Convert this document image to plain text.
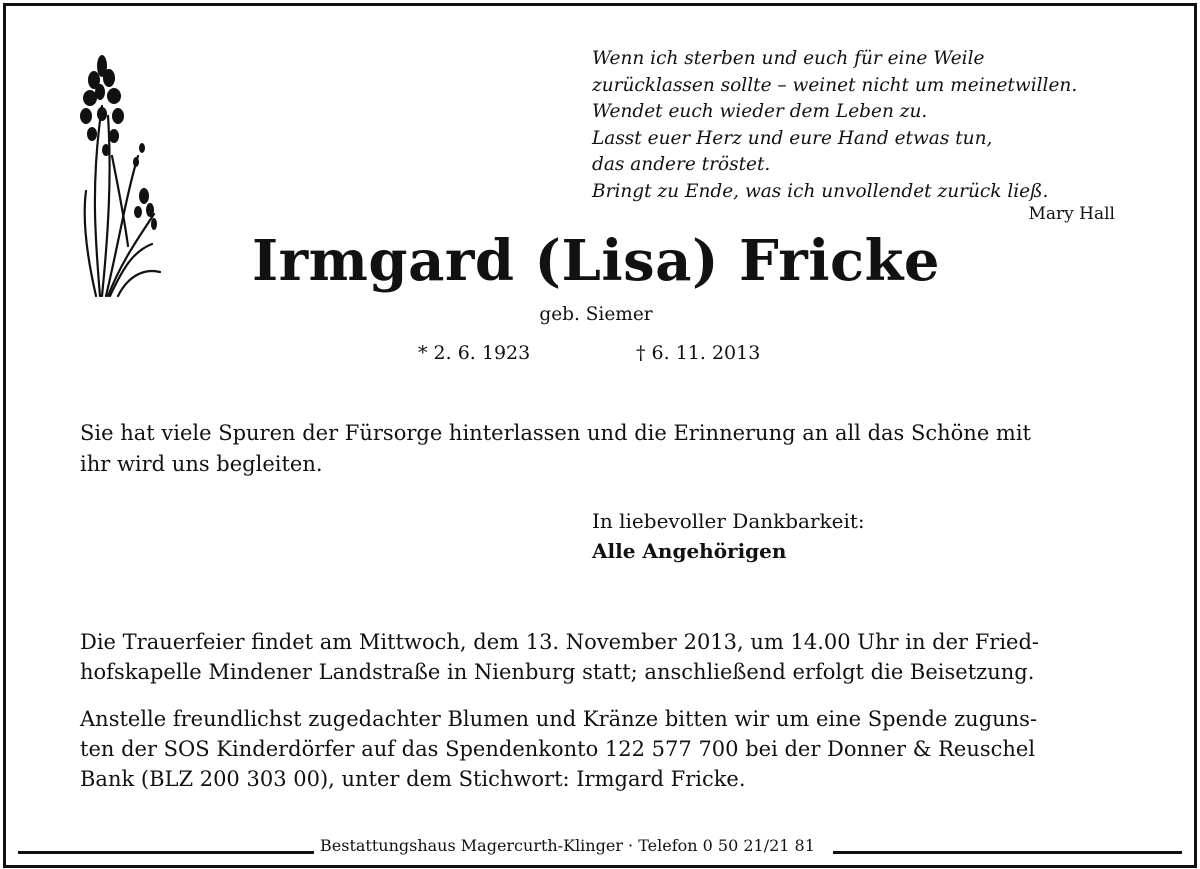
Wenn ich sterben und euch für eine Weile
zurücklassen sollte – weinet nicht um meinetwillen.
Wendet euch wieder dem Leben zu.
Lasst euer Herz und eure Hand etwas tun,
das andere tröstet.
Bringt zu Ende, was ich unvollendet zurück ließ.
Mary Hall
Irmgard (Lisa) Fricke
geb. Siemer
* 2. 6. 1923	† 6. 11. 2013
Sie hat viele Spuren der Fürsorge hinterlassen und die Erinnerung an all das Schöne mit
ihr wird uns begleiten.
In liebevoller Dankbarkeit:
Alle Angehörigen
Die Trauerfeier findet am Mittwoch, dem 13. November 2013, um 14.00 Uhr in der Fried-
hofskapelle Mindener Landstraße in Nienburg statt; anschließend erfolgt die Beisetzung.
Anstelle freundlichst zugedachter Blumen und Kränze bitten wir um eine Spende zuguns-
ten der SOS Kinderdörfer auf das Spendenkonto 122 577 700 bei der Donner & Reuschel
Bank (BLZ 200 303 00), unter dem Stichwort: Irmgard Fricke.
Bestattungshaus Magercurth-Klinger · Telefon 0 50 21/21 81
